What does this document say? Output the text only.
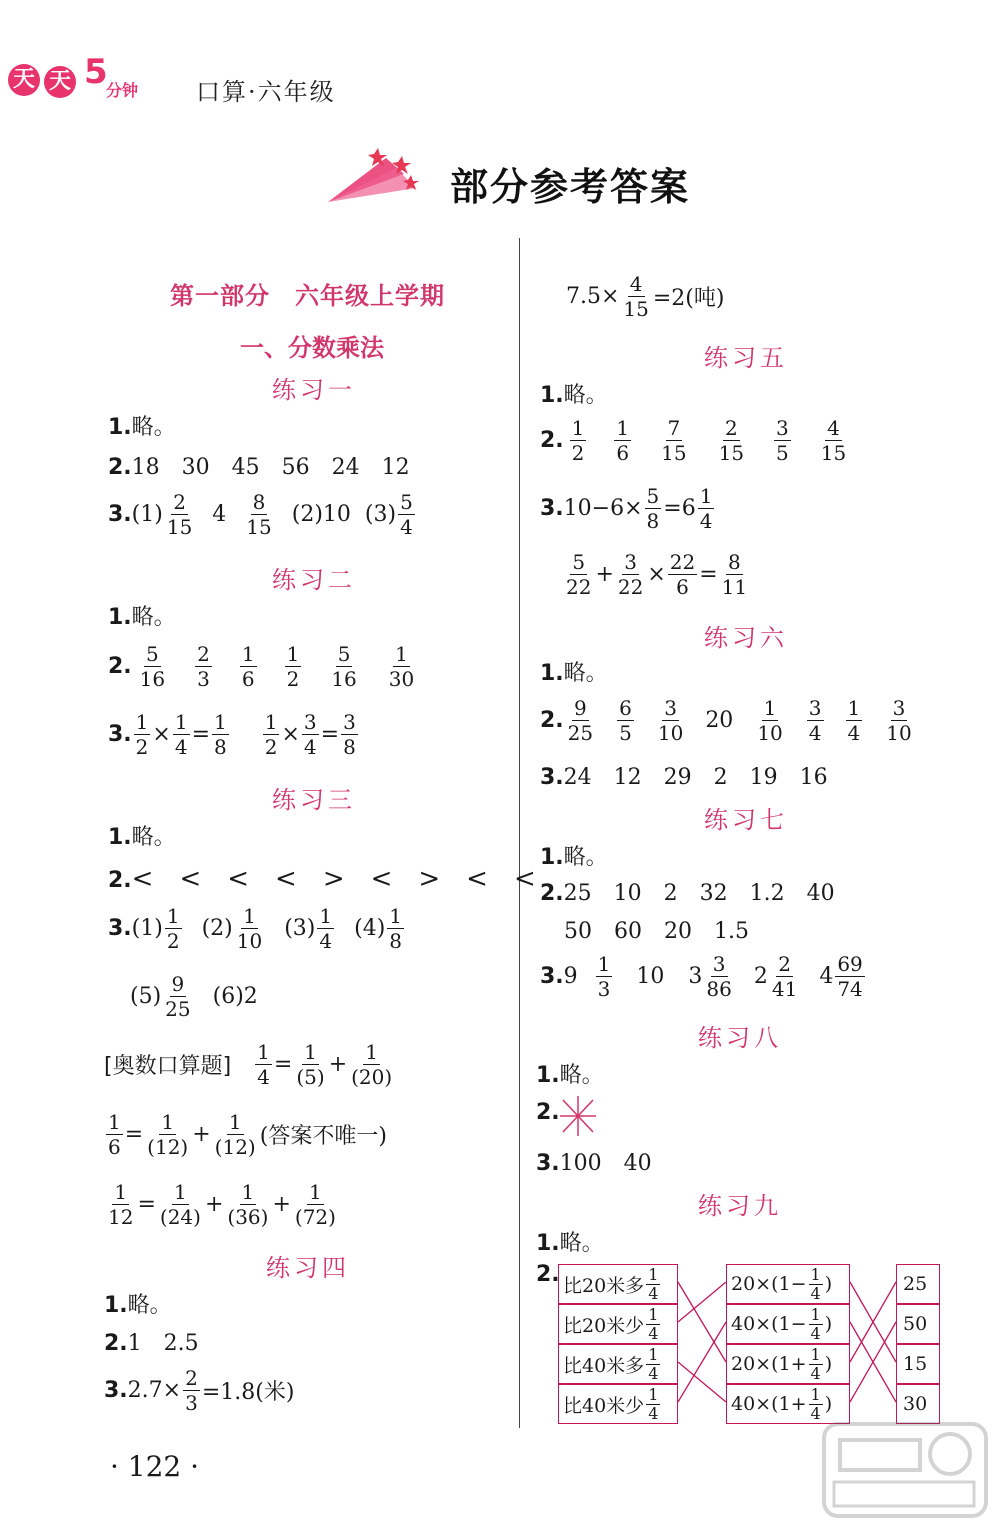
天 天 5
分钟 口算·六年级
部分参考答案
第一部分　六年级上学期
一、分数乘法
练习一
1.略。
2.18　30　45　56　24　12
3. $(1) \frac{2}{15} 4 \frac{8}{15} (2)10$ $(3) \frac{5}{4}$
练习二
1.略。
2. $\frac{5}{16} \frac{2}{3} \frac{1}{6} \frac{1}{2} \frac{5}{16} \frac{1}{30}$
3. $\frac{1}{2} \times \frac{1}{4} = \frac{1}{8} \frac{1}{2} \times \frac{3}{4} = \frac{3}{8}$
练习三
1.略。
2.<　<　<　<　>　<　>　<　<
3. $(1) \frac{1}{2} (2) \frac{1}{10} (3) \frac{1}{4} (4) \frac{1}{8}$
$(5) \frac{9}{25} (6)2$
[奥数口算题] $\frac{1}{4} = \frac{1}{(5)} + \frac{1}{(20)}$
$\frac{1}{6} = \frac{1}{(12)} + \frac{1}{(12)}$ (答案不唯一)
$\frac{1}{12} = \frac{1}{(24)} + \frac{1}{(36)} + \frac{1}{(72)}$
练习四
1.略。
2.1　2.5
3. $2.7\times \frac{2}{3} =1.8$(米)
$7.5\times \frac{4}{15} =2$(吨)
练习五
1.略。
2. $\frac{1}{2} \frac{1}{6} \frac{7}{15} \frac{2}{15} \frac{3}{5} \frac{4}{15}$
3. $10-6\times \frac{5}{8} =6 \frac{1}{4}$
$\frac{5}{22} + \frac{3}{22} \times \frac{22}{6} = \frac{8}{11}$
练习六
1.略。
2. $\frac{9}{25} \frac{6}{5} \frac{3}{10} 20 \frac{1}{10} \frac{3}{4} \frac{1}{4} \frac{3}{10}$
3.24　12　29　2　19　16
练习七
1.略。
2.25　10　2　32　1.2　40
50　60　20　1.5
3. $9 \frac{1}{3} 10$ $3 \frac{3}{86} 2 \frac{2}{41} 4 \frac{69}{74}$
练习八
1.略。
2.
3.100　40
练习九
1.略。
2. 比20米多 $\frac{1}{4}$
比20米少 $\frac{1}{4}$
比40米多 $\frac{1}{4}$
比40米少 $\frac{1}{4}$
$20\times(1- \frac{1}{4}$ )
$40\times(1- \frac{1}{4}$ )
$20\times(1+ \frac{1}{4}$ )
$40\times(1+ \frac{1}{4}$ )
25
50
15
30
· 122 ·
